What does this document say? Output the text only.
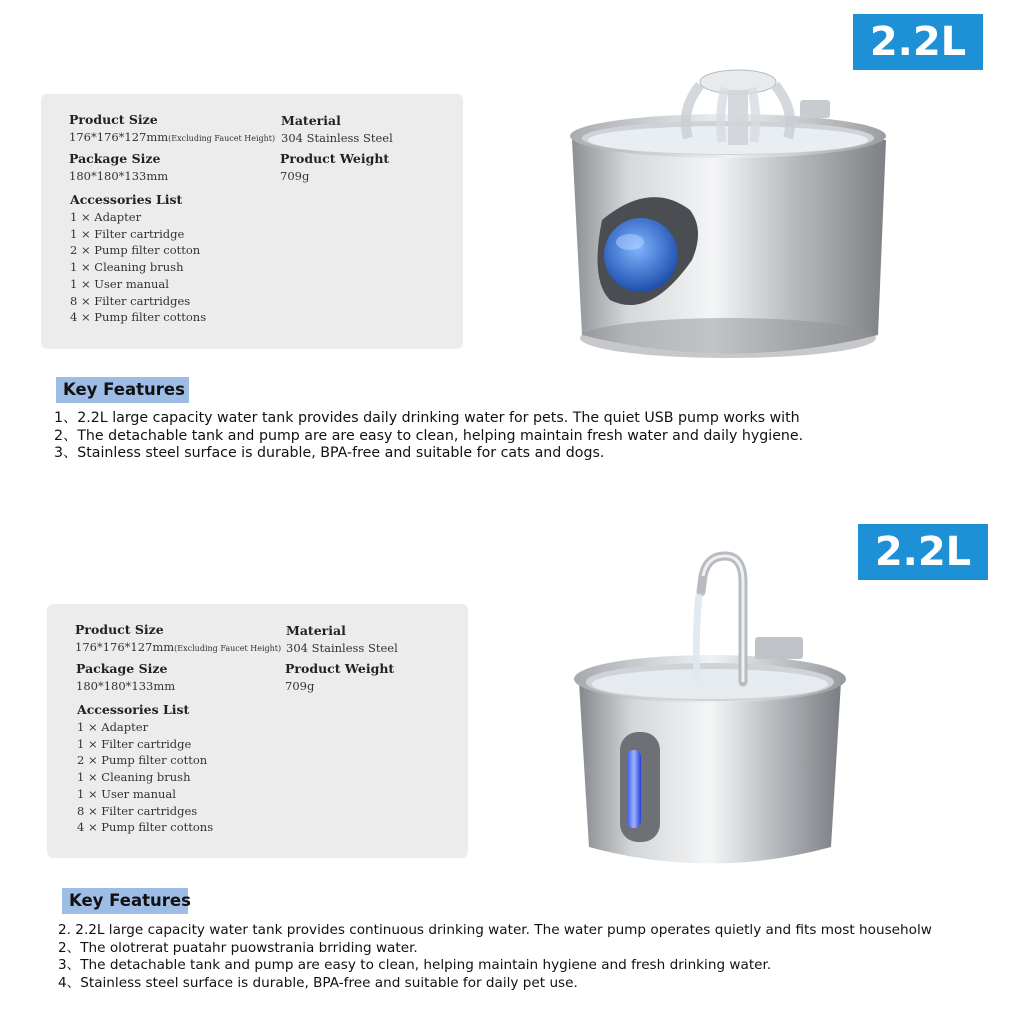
2.2L
Product Size
176*176*127mm(Excluding Faucet Height)
Material
304 Stainless Steel
Package Size
180*180*133mm
Product Weight
709g
Accessories List
1 × Adapter
1 × Filter cartridge
2 × Pump filter cotton
1 × Cleaning brush
1 × User manual
8 × Filter cartridges
4 × Pump filter cottons
Key Features
1、2.2L large capacity water tank provides daily drinking water for pets. The quiet USB pump works with
2、The detachable tank and pump are are easy to clean, helping maintain fresh water and daily hygiene.
3、Stainless steel surface is durable, BPA-free and suitable for cats and dogs.
2.2L
Product Size
176*176*127mm(Excluding Faucet Height)
Material
304 Stainless Steel
Package Size
180*180*133mm
Product Weight
709g
Accessories List
1 × Adapter
1 × Filter cartridge
2 × Pump filter cotton
1 × Cleaning brush
1 × User manual
8 × Filter cartridges
4 × Pump filter cottons
Key Features
2. 2.2L large capacity water tank provides continuous drinking water. The water pump operates quietly and fits most householw
2、The olotrerat puatahr puowstrania brriding water.
3、The detachable tank and pump are easy to clean, helping maintain hygiene and fresh drinking water.
4、Stainless steel surface is durable, BPA-free and suitable for daily pet use.
